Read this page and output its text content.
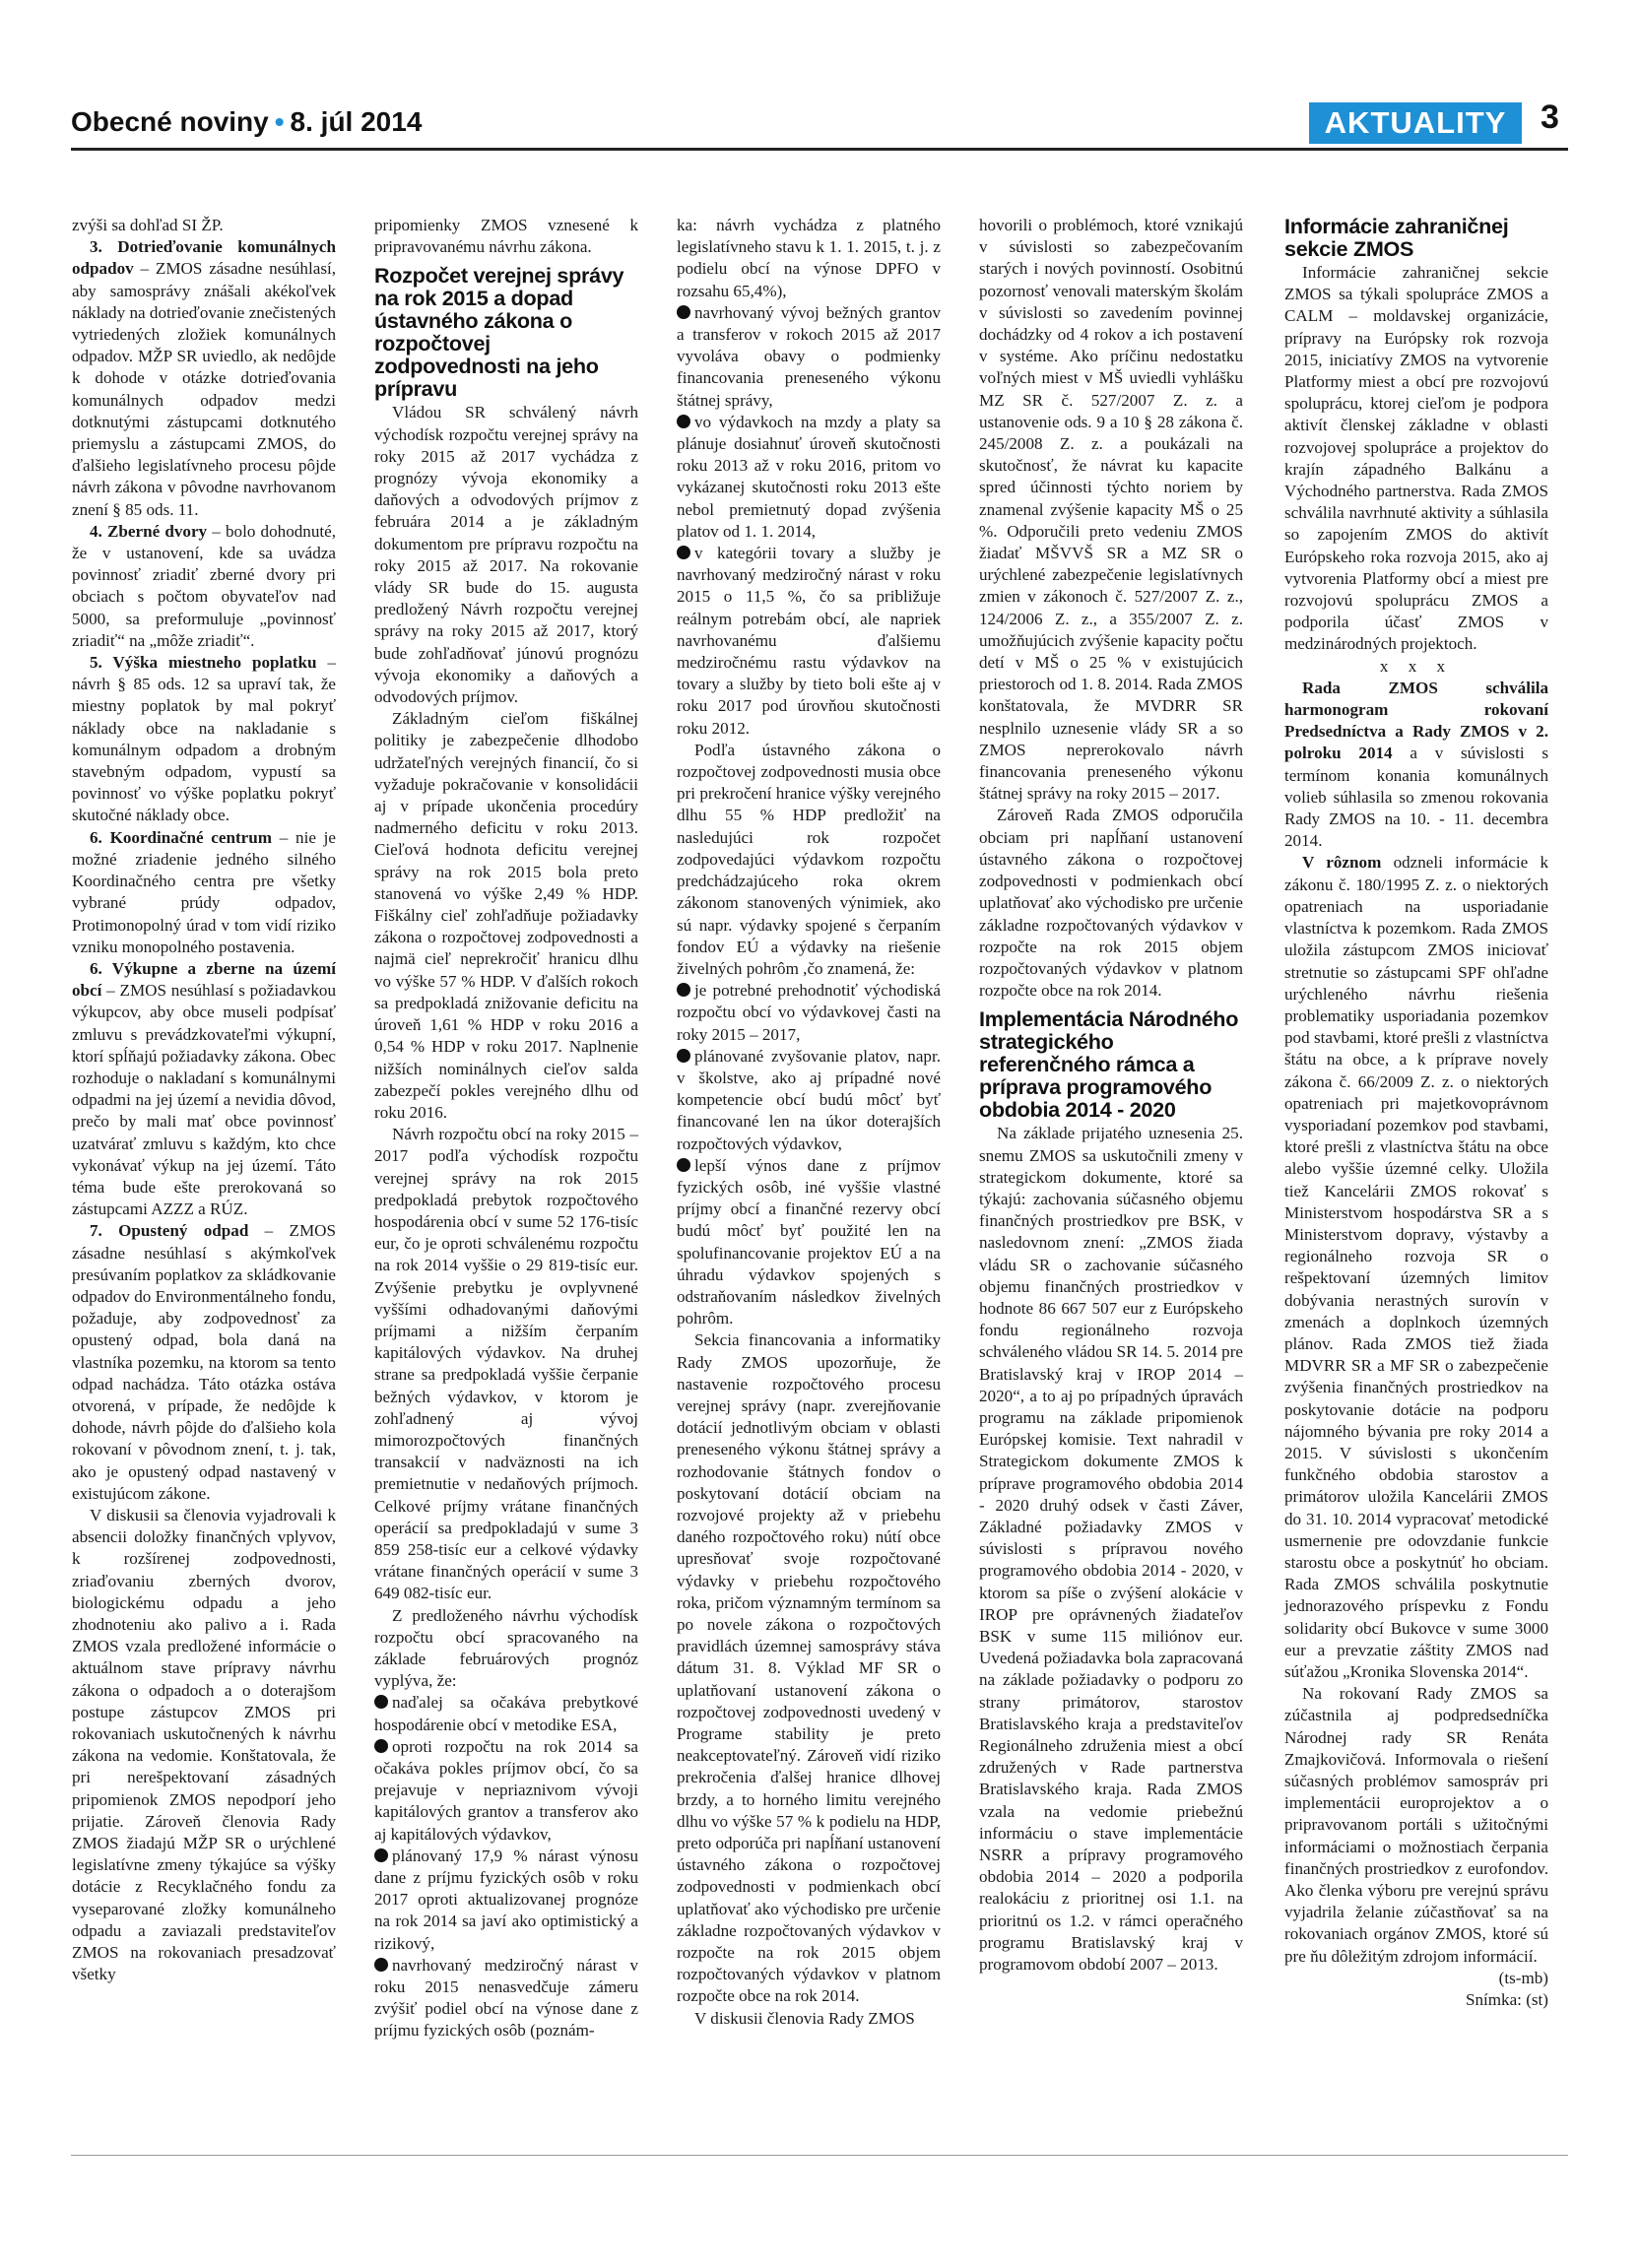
Obecné noviny • 8. júl 2014	AKTUALITY	3

zvýši sa dohľad SI ŽP.

3. Dotrieďovanie komunálnych odpadov – ZMOS zásadne nesúhlasí, aby samosprávy znášali akékoľvek náklady na dotrieďovanie znečistených vytriedených zložiek komunálnych odpadov. MŽP SR uviedlo, ak nedôjde k dohode v otázke dotrieďovania komunálnych odpadov medzi dotknutými zástupcami dotknutého priemyslu a zástupcami ZMOS, do ďalšieho legislatívneho procesu pôjde návrh zákona v pôvodne navrhovanom znení § 85 ods. 11.

4. Zberné dvory – bolo dohodnuté, že v ustanovení, kde sa uvádza povinnosť zriadiť zberné dvory pri obciach s počtom obyvateľov nad 5000, sa preformuluje „povinnosť zriadiť“ na „môže zriadiť“.

5. Výška miestneho poplatku – návrh § 85 ods. 12 sa upraví tak, že miestny poplatok by mal pokryť náklady obce na nakladanie s komunálnym odpadom a drobným stavebným odpadom, vypustí sa povinnosť vo výške poplatku pokryť skutočné náklady obce.

6. Koordinačné centrum – nie je možné zriadenie jedného silného Koordinačného centra pre všetky vybrané prúdy odpadov, Protimonopolný úrad v tom vidí riziko vzniku monopolného postavenia.

6. Výkupne a zberne na území obcí – ZMOS nesúhlasí s požiadavkou výkupcov, aby obce museli podpísať zmluvu s prevádzkovateľmi výkupní, ktorí spĺňajú požiadavky zákona. Obec rozhoduje o nakladaní s komunálnymi odpadmi na jej území a nevidia dôvod, prečo by mali mať obce povinnosť uzatvárať zmluvu s každým, kto chce vykonávať výkup na jej území. Táto téma bude ešte prerokovaná so zástupcami AZZZ a RÚZ.

7. Opustený odpad – ZMOS zásadne nesúhlasí s akýmkoľvek presúvaním poplatkov za skládkovanie odpadov do Environmentálneho fondu, požaduje, aby zodpovednosť za opustený odpad, bola daná na vlastníka pozemku, na ktorom sa tento odpad nachádza. Táto otázka ostáva otvorená, v prípade, že nedôjde k dohode, návrh pôjde do ďalšieho kola rokovaní v pôvodnom znení, t. j. tak, ako je opustený odpad nastavený v existujúcom zákone.

V diskusii sa členovia vyjadrovali k absencii doložky finančných vplyvov, k rozšírenej zodpovednosti, zriaďovaniu zberných dvorov, biologickému odpadu a jeho zhodnoteniu ako palivo a i. Rada ZMOS vzala predložené informácie o aktuálnom stave prípravy návrhu zákona o odpadoch a o doterajšom postupe zástupcov ZMOS pri rokovaniach uskutočnených k návrhu zákona na vedomie. Konštatovala, že pri nerešpektovaní zásadných pripomienok ZMOS nepodporí jeho prijatie. Zároveň členovia Rady ZMOS žiadajú MŽP SR o urýchlené legislatívne zmeny týkajúce sa výšky dotácie z Recyklačného fondu za vyseparované zložky komunálneho odpadu a zaviazali predstaviteľov ZMOS na rokovaniach presadzovať všetky

pripomienky ZMOS vznesené k pripravovanému návrhu zákona.

Rozpočet verejnej správy na rok 2015 a dopad ústavného zákona o rozpočtovej zodpovednosti na jeho prípravu

Vládou SR schválený návrh východísk rozpočtu verejnej správy na roky 2015 až 2017 vychádza z prognózy vývoja ekonomiky a daňových a odvodových príjmov z februára 2014 a je základným dokumentom pre prípravu rozpočtu na roky 2015 až 2017. Na rokovanie vlády SR bude do 15. augusta predložený Návrh rozpočtu verejnej správy na roky 2015 až 2017, ktorý bude zohľadňovať júnovú prognózu vývoja ekonomiky a daňových a odvodových príjmov.

Základným cieľom fiškálnej politiky je zabezpečenie dlhodobo udržateľných verejných financií, čo si vyžaduje pokračovanie v konsolidácii aj v prípade ukončenia procedúry nadmerného deficitu v roku 2013. Cieľová hodnota deficitu verejnej správy na rok 2015 bola preto stanovená vo výške 2,49 % HDP. Fiškálny cieľ zohľadňuje požiadavky zákona o rozpočtovej zodpovednosti a najmä cieľ neprekročiť hranicu dlhu vo výške 57 % HDP. V ďalších rokoch sa predpokladá znižovanie deficitu na úroveň 1,61 % HDP v roku 2016 a 0,54 % HDP v roku 2017. Naplnenie nižších nominálnych cieľov salda zabezpečí pokles verejného dlhu od roku 2016.

Návrh rozpočtu obcí na roky 2015 – 2017 podľa východísk rozpočtu verejnej správy na rok 2015 predpokladá prebytok rozpočtového hospodárenia obcí v sume 52 176-tisíc eur, čo je oproti schválenému rozpočtu na rok 2014 vyššie o 29 819-tisíc eur. Zvýšenie prebytku je ovplyvnené vyššími odhadovanými daňovými príjmami a nižším čerpaním kapitálových výdavkov. Na druhej strane sa predpokladá vyššie čerpanie bežných výdavkov, v ktorom je zohľadnený aj vývoj mimorozpočtových finančných transakcií v nadväznosti na ich premietnutie v nedaňových príjmoch. Celkové príjmy vrátane finančných operácií sa predpokladajú v sume 3 859 258-tisíc eur a celkové výdavky vrátane finančných operácií v sume 3 649 082-tisíc eur.

Z predloženého návrhu východísk rozpočtu obcí spracovaného na základe februárových prognóz vyplýva, že:

naďalej sa očakáva prebytkové hospodárenie obcí v metodike ESA,

oproti rozpočtu na rok 2014 sa očakáva pokles príjmov obcí, čo sa prejavuje v nepriaznivom vývoji kapitálových grantov a transferov ako aj kapitálových výdavkov,

plánovaný 17,9 % nárast výnosu dane z príjmu fyzických osôb v roku 2017 oproti aktualizovanej prognóze na rok 2014 sa javí ako optimistický a rizikový,

navrhovaný medziročný nárast v roku 2015 nenasvedčuje zámeru zvýšiť podiel obcí na výnose dane z príjmu fyzických osôb (poznám-

ka: návrh vychádza z platného legislatívneho stavu k 1. 1. 2015, t. j. z podielu obcí na výnose DPFO v rozsahu 65,4%),

navrhovaný vývoj bežných grantov a transferov v rokoch 2015 až 2017 vyvoláva obavy o podmienky financovania preneseného výkonu štátnej správy,

vo výdavkoch na mzdy a platy sa plánuje dosiahnuť úroveň skutočnosti roku 2013 až v roku 2016, pritom vo vykázanej skutočnosti roku 2013 ešte nebol premietnutý dopad zvýšenia platov od 1. 1. 2014,

v kategórii tovary a služby je navrhovaný medziročný nárast v roku 2015 o 11,5 %, čo sa približuje reálnym potrebám obcí, ale napriek navrhovanému ďalšiemu medziročnému rastu výdavkov na tovary a služby by tieto boli ešte aj v roku 2017 pod úrovňou skutočnosti roku 2012.

Podľa ústavného zákona o rozpočtovej zodpovednosti musia obce pri prekročení hranice výšky verejného dlhu 55 % HDP predložiť na nasledujúci rok rozpočet zodpovedajúci výdavkom rozpočtu predchádzajúceho roka okrem zákonom stanovených výnimiek, ako sú napr. výdavky spojené s čerpaním fondov EÚ a výdavky na riešenie živelných pohrôm ,čo znamená, že:

je potrebné prehodnotiť východiská rozpočtu obcí vo výdavkovej časti na roky 2015 – 2017,

plánované zvyšovanie platov, napr. v školstve, ako aj prípadné nové kompetencie obcí budú môcť byť financované len na úkor doterajších rozpočtových výdavkov,

lepší výnos dane z príjmov fyzických osôb, iné vyššie vlastné príjmy obcí a finančné rezervy obcí budú môcť byť použité len na spolufinancovanie projektov EÚ a na úhradu výdavkov spojených s odstraňovaním následkov živelných pohrôm.

Sekcia financovania a informatiky Rady ZMOS upozorňuje, že nastavenie rozpočtového procesu verejnej správy (napr. zverejňovanie dotácií jednotlivým obciam v oblasti preneseného výkonu štátnej správy a rozhodovanie štátnych fondov o poskytovaní dotácií obciam na rozvojové projekty až v priebehu daného rozpočtového roku) nútí obce upresňovať svoje rozpočtované výdavky v priebehu rozpočtového roka, pričom významným termínom sa po novele zákona o rozpočtových pravidlách územnej samosprávy stáva dátum 31. 8. Výklad MF SR o uplatňovaní ustanovení zákona o rozpočtovej zodpovednosti uvedený v Programe stability je preto neakceptovateľný. Zároveň vidí riziko prekročenia ďalšej hranice dlhovej brzdy, a to horného limitu verejného dlhu vo výške 57 % k podielu na HDP, preto odporúča pri napĺňaní ustanovení ústavného zákona o rozpočtovej zodpovednosti v podmienkach obcí uplatňovať ako východisko pre určenie základne rozpočtovaných výdavkov v rozpočte na rok 2015 objem rozpočtovaných výdavkov v platnom rozpočte obce na rok 2014.

V diskusii členovia Rady ZMOS

hovorili o problémoch, ktoré vznikajú v súvislosti so zabezpečovaním starých i nových povinností. Osobitnú pozornosť venovali materským školám v súvislosti so zavedením povinnej dochádzky od 4 rokov a ich postavení v systéme. Ako príčinu nedostatku voľných miest v MŠ uviedli vyhlášku MZ SR č. 527/2007 Z. z. a ustanovenie ods. 9 a 10 § 28 zákona č. 245/2008 Z. z. a poukázali na skutočnosť, že návrat ku kapacite spred účinnosti týchto noriem by znamenal zvýšenie kapacity MŠ o 25 %. Odporučili preto vedeniu ZMOS žiadať MŠVVŠ SR a MZ SR o urýchlené zabezpečenie legislatívnych zmien v zákonoch č. 527/2007 Z. z., 124/2006 Z. z., a 355/2007 Z. z. umožňujúcich zvýšenie kapacity počtu detí v MŠ o 25 % v existujúcich priestoroch od 1. 8. 2014. Rada ZMOS konštatovala, že MVDRR SR nesplnilo uznesenie vlády SR a so ZMOS neprerokovalo návrh financovania preneseného výkonu štátnej správy na roky 2015 – 2017.

Zároveň Rada ZMOS odporučila obciam pri napĺňaní ustanovení ústavného zákona o rozpočtovej zodpovednosti v podmienkach obcí uplatňovať ako východisko pre určenie základne rozpočtovaných výdavkov v rozpočte na rok 2015 objem rozpočtovaných výdavkov v platnom rozpočte obce na rok 2014.

Implementácia Národného strategického referenčného rámca a príprava programového obdobia 2014 - 2020

Na základe prijatého uznesenia 25. snemu ZMOS sa uskutočnili zmeny v strategickom dokumente, ktoré sa týkajú: zachovania súčasného objemu finančných prostriedkov pre BSK, v nasledovnom znení: „ZMOS žiada vládu SR o zachovanie súčasného objemu finančných prostriedkov v hodnote 86 667 507 eur z Európskeho fondu regionálneho rozvoja schváleného vládou SR 14. 5. 2014 pre Bratislavský kraj v IROP 2014 – 2020“, a to aj po prípadných úpravách programu na základe pripomienok Európskej komisie. Text nahradil v Strategickom dokumente ZMOS k príprave programového obdobia 2014 - 2020 druhý odsek v časti Záver, Základné požiadavky ZMOS v súvislosti s prípravou nového programového obdobia 2014 - 2020, v ktorom sa píše o zvýšení alokácie v IROP pre oprávnených žiadateľov BSK v sume 115 miliónov eur. Uvedená požiadavka bola zapracovaná na základe požiadavky o podporu zo strany primátorov, starostov Bratislavského kraja a predstaviteľov Regionálneho združenia miest a obcí združených v Rade partnerstva Bratislavského kraja. Rada ZMOS vzala na vedomie priebežnú informáciu o stave implementácie NSRR a prípravy programového obdobia 2014 – 2020 a podporila realokáciu z prioritnej osi 1.1. na prioritnú os 1.2. v rámci operačného programu Bratislavský kraj v programovom období 2007 – 2013.

Informácie zahraničnej sekcie ZMOS

Informácie zahraničnej sekcie ZMOS sa týkali spolupráce ZMOS a CALM – moldavskej organizácie, prípravy na Európsky rok rozvoja 2015, iniciatívy ZMOS na vytvorenie Platformy miest a obcí pre rozvojovú spoluprácu, ktorej cieľom je podpora aktivít členskej základne v oblasti rozvojovej spolupráce a projektov do krajín západného Balkánu a Východného partnerstva. Rada ZMOS schválila navrhnuté aktivity a súhlasila so zapojením ZMOS do aktivít Európskeho roka rozvoja 2015, ako aj vytvorenia Platformy obcí a miest pre rozvojovú spoluprácu ZMOS a podporila účasť ZMOS v medzinárodných projektoch.

x x x

Rada ZMOS schválila harmonogram rokovaní Predsedníctva a Rady ZMOS v 2. polroku 2014 a v súvislosti s termínom konania komunálnych volieb súhlasila so zmenou rokovania Rady ZMOS na 10. - 11. decembra 2014.

V rôznom odzneli informácie k zákonu č. 180/1995 Z. z. o niektorých opatreniach na usporiadanie vlastníctva k pozemkom. Rada ZMOS uložila zástupcom ZMOS iniciovať stretnutie so zástupcami SPF ohľadne urýchleného návrhu riešenia problematiky usporiadania pozemkov pod stavbami, ktoré prešli z vlastníctva štátu na obce, a k prípravе novely zákona č. 66/2009 Z. z. o niektorých opatreniach pri majetkovoprávnom vysporiadaní pozemkov pod stavbami, ktoré prešli z vlastníctva štátu na obce alebo vyššie územné celky. Uložila tiež Kancelárii ZMOS rokovať s Ministerstvom hospodárstva SR a s Ministerstvom dopravy, výstavby a regionálneho rozvoja SR o rešpektovaní územných limitov dobývania nerastných surovín v zmenách a doplnkoch územných plánov. Rada ZMOS tiež žiada MDVRR SR a MF SR o zabezpečenie zvýšenia finančných prostriedkov na poskytovanie dotácie na podporu nájomného bývania pre roky 2014 a 2015. V súvislosti s ukončením funkčného obdobia starostov a primátorov uložila Kancelárii ZMOS do 31. 10. 2014 vypracovať metodické usmernenie pre odovzdanie funkcie starostu obce a poskytnúť ho obciam. Rada ZMOS schválila poskytnutie jednorazového príspevku z Fondu solidarity obcí Bukovce v sume 3000 eur a prevzatie záštity ZMOS nad súťažou „Kronika Slovenska 2014“.

Na rokovaní Rady ZMOS sa zúčastnila aj podpredsedníčka Národnej rady SR Renáta Zmajkovičová. Informovala o riešení súčasných problémov samospráv pri implementácii europrojektov a o pripravovanom portáli s užitočnými informáciami o možnostiach čerpania finančných prostriedkov z eurofondov. Ako členka výboru pre verejnú správu vyjadrila želanie zúčastňovať sa na rokovaniach orgánov ZMOS, ktoré sú pre ňu dôležitým zdrojom informácií.

(ts-mb)

Snímka: (st)
